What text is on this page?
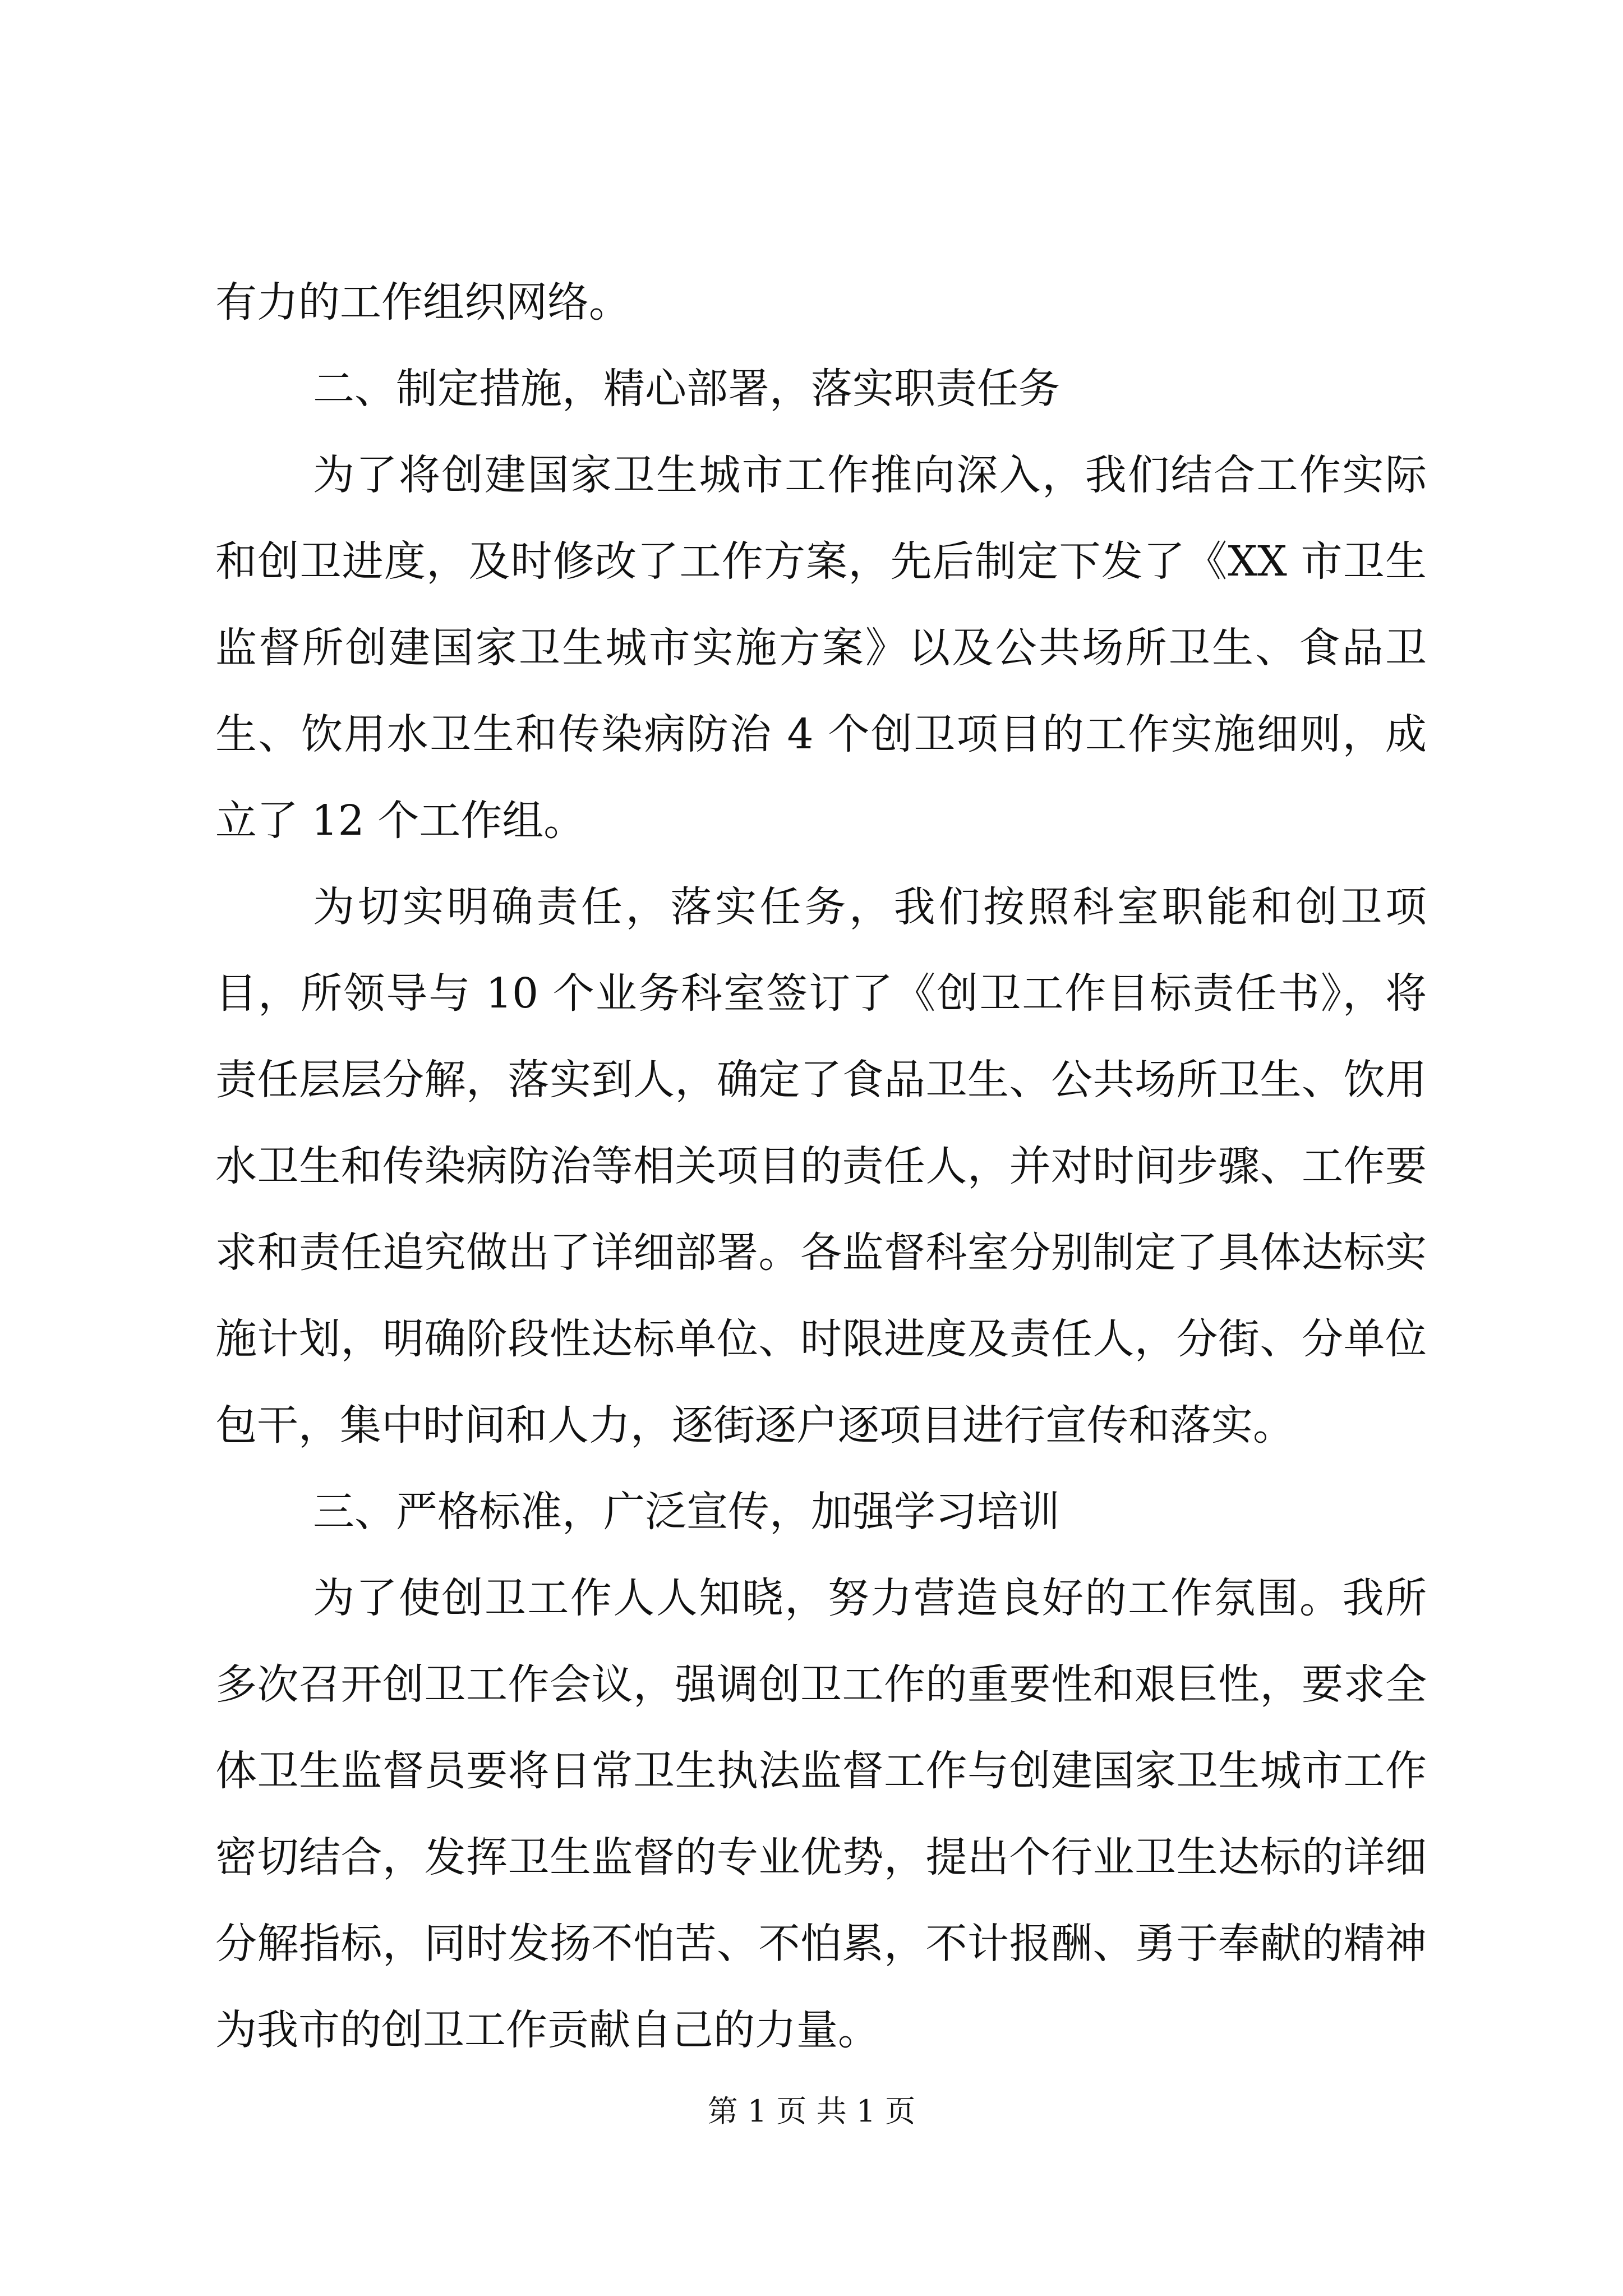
有力的工作组织网络。

二、制定措施，精心部署，落实职责任务

为了将创建国家卫生城市工作推向深入，我们结合工作实际和创卫进度，及时修改了工作方案，先后制定下发了《XX 市卫生监督所创建国家卫生城市实施方案》以及公共场所卫生、食品卫生、饮用水卫生和传染病防治 4 个创卫项目的工作实施细则，成立了 12 个工作组。

为切实明确责任，落实任务，我们按照科室职能和创卫项目，所领导与 10 个业务科室签订了《创卫工作目标责任书》，将责任层层分解，落实到人，确定了食品卫生、公共场所卫生、饮用水卫生和传染病防治等相关项目的责任人，并对时间步骤、工作要求和责任追究做出了详细部署。各监督科室分别制定了具体达标实施计划，明确阶段性达标单位、时限进度及责任人，分街、分单位包干，集中时间和人力，逐街逐户逐项目进行宣传和落实。

三、严格标准，广泛宣传，加强学习培训

为了使创卫工作人人知晓，努力营造良好的工作氛围。我所多次召开创卫工作会议，强调创卫工作的重要性和艰巨性，要求全体卫生监督员要将日常卫生执法监督工作与创建国家卫生城市工作密切结合，发挥卫生监督的专业优势，提出个行业卫生达标的详细分解指标，同时发扬不怕苦、不怕累，不计报酬、勇于奉献的精神为我市的创卫工作贡献自己的力量。

第 1 页 共 1 页
